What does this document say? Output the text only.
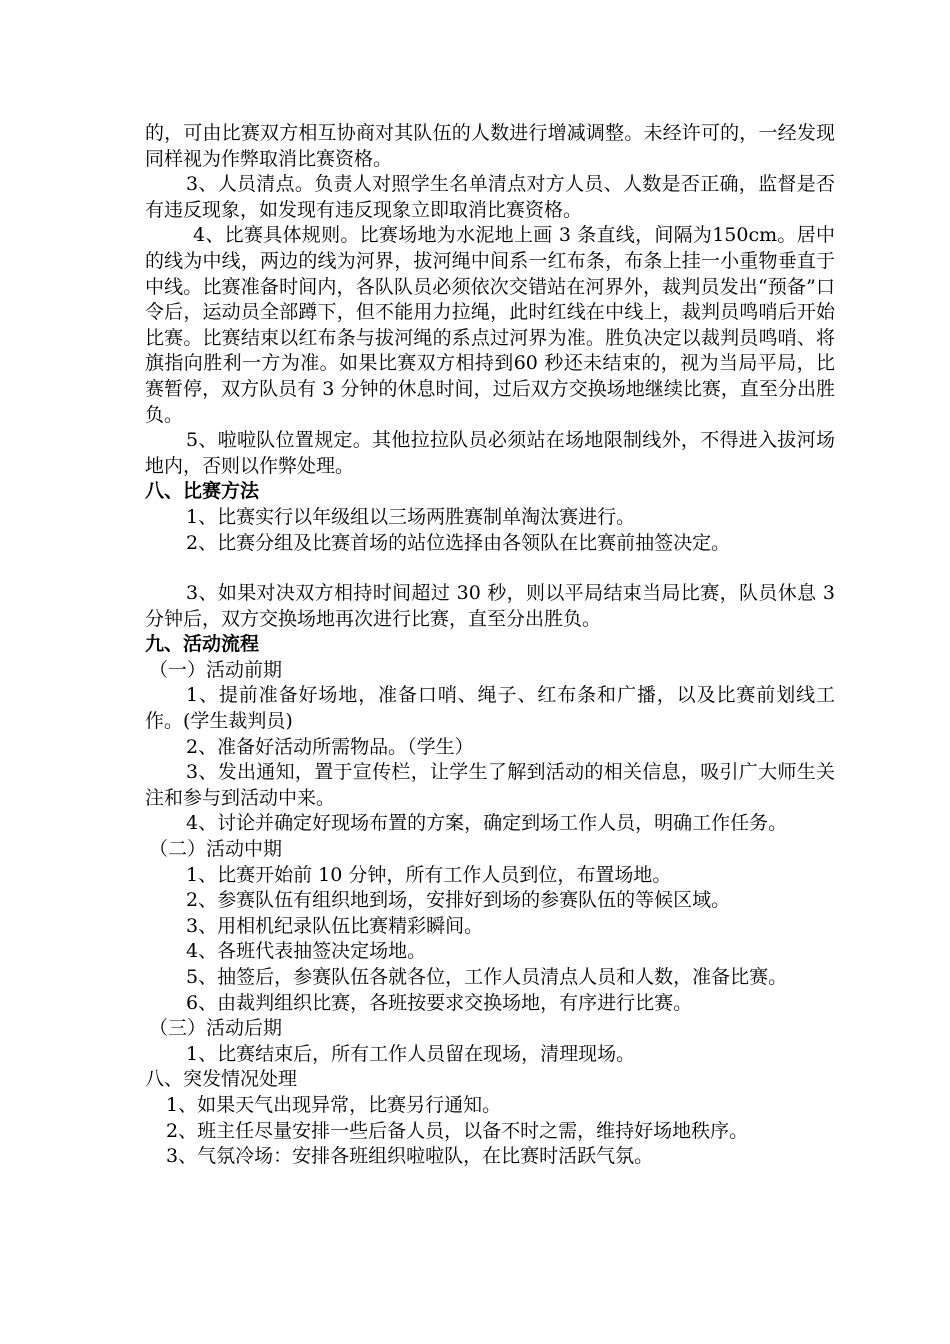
的，可由比赛双方相互协商对其队伍的人数进行增减调整。未经许可的，一经发现同样视为作弊取消比赛资格。

3、人员清点。负责人对照学生名单清点对方人员、人数是否正确，监督是否有违反现象，如发现有违反现象立即取消比赛资格。

4、比赛具体规则。比赛场地为水泥地上画 3 条直线，间隔为150cm。居中的线为中线，两边的线为河界，拔河绳中间系一红布条，布条上挂一小重物垂直于中线。比赛准备时间内，各队队员必须依次交错站在河界外，裁判员发出“预备”口令后，运动员全部蹲下，但不能用力拉绳，此时红线在中线上，裁判员鸣哨后开始比赛。比赛结束以红布条与拔河绳的系点过河界为准。胜负决定以裁判员鸣哨、将旗指向胜利一方为准。如果比赛双方相持到60 秒还未结束的，视为当局平局，比赛暂停，双方队员有 3 分钟的休息时间，过后双方交换场地继续比赛，直至分出胜负。

5、啦啦队位置规定。其他拉拉队员必须站在场地限制线外，不得进入拔河场地内，否则以作弊处理。

八、比赛方法

1、比赛实行以年级组以三场两胜赛制单淘汰赛进行。

2、比赛分组及比赛首场的站位选择由各领队在比赛前抽签决定。

3、如果对决双方相持时间超过 30 秒，则以平局结束当局比赛，队员休息 3 分钟后，双方交换场地再次进行比赛，直至分出胜负。

九、活动流程

（一）活动前期

1、提前准备好场地，准备口哨、绳子、红布条和广播，以及比赛前划线工作。(学生裁判员)

2、准备好活动所需物品。（学生）

3、发出通知，置于宣传栏，让学生了解到活动的相关信息，吸引广大师生关注和参与到活动中来。

4、讨论并确定好现场布置的方案，确定到场工作人员，明确工作任务。

（二）活动中期

1、比赛开始前 10 分钟，所有工作人员到位，布置场地。

2、参赛队伍有组织地到场，安排好到场的参赛队伍的等候区域。

3、用相机纪录队伍比赛精彩瞬间。

4、各班代表抽签决定场地。

5、抽签后，参赛队伍各就各位，工作人员清点人员和人数，准备比赛。

6、由裁判组织比赛，各班按要求交换场地，有序进行比赛。

（三）活动后期

1、比赛结束后，所有工作人员留在现场，清理现场。

八、突发情况处理

1、如果天气出现异常，比赛另行通知。

2、班主任尽量安排一些后备人员，以备不时之需，维持好场地秩序。

3、气氛冷场：安排各班组织啦啦队，在比赛时活跃气氛。
